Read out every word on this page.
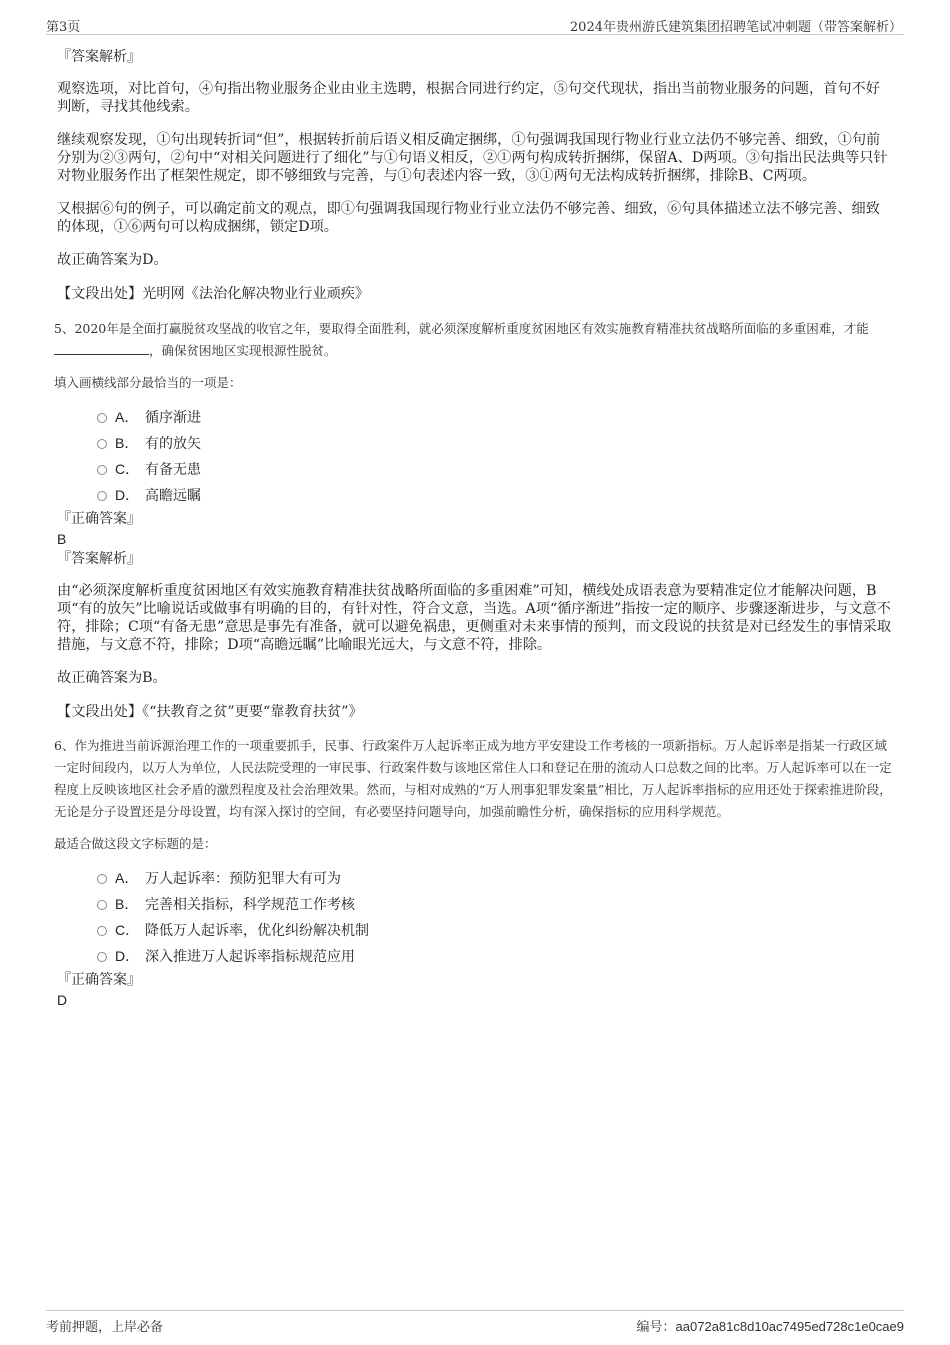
第3页	2024年贵州游氏建筑集团招聘笔试冲刺题（带答案解析）

『答案解析』

观察选项，对比首句，④句指出物业服务企业由业主选聘，根据合同进行约定，⑤句交代现状，指出当前物业服务的问题，首句不好判断，寻找其他线索。

继续观察发现，①句出现转折词“但”，根据转折前后语义相反确定捆绑，①句强调我国现行物业行业立法仍不够完善、细致，①句前分别为②③两句，②句中“对相关问题进行了细化”与①句语义相反，②①两句构成转折捆绑，保留A、D两项。③句指出民法典等只针对物业服务作出了框架性规定，即不够细致与完善，与①句表述内容一致，③①两句无法构成转折捆绑，排除B、C两项。

又根据⑥句的例子，可以确定前文的观点，即①句强调我国现行物业行业立法仍不够完善、细致，⑥句具体描述立法不够完善、细致的体现，①⑥两句可以构成捆绑，锁定D项。

故正确答案为D。

【文段出处】光明网《法治化解决物业行业顽疾》

5、2020年是全面打赢脱贫攻坚战的收官之年，要取得全面胜利，就必须深度解析重度贫困地区有效实施教育精准扶贫战略所面临的多重困难，才能，确保贫困地区实现根源性脱贫。

填入画横线部分最恰当的一项是：

A． 循序渐进
B． 有的放矢
C． 有备无患
D． 高瞻远瞩

『正确答案』

B

『答案解析』

由“必须深度解析重度贫困地区有效实施教育精准扶贫战略所面临的多重困难”可知，横线处成语表意为要精准定位才能解决问题，B项“有的放矢”比喻说话或做事有明确的目的，有针对性，符合文意，当选。A项“循序渐进”指按一定的顺序、步骤逐渐进步，与文意不符，排除；C项“有备无患”意思是事先有准备，就可以避免祸患，更侧重对未来事情的预判，而文段说的扶贫是对已经发生的事情采取措施，与文意不符，排除；D项“高瞻远瞩”比喻眼光远大，与文意不符，排除。

故正确答案为B。

【文段出处】《“扶教育之贫”更要“靠教育扶贫”》

6、作为推进当前诉源治理工作的一项重要抓手，民事、行政案件万人起诉率正成为地方平安建设工作考核的一项新指标。万人起诉率是指某一行政区域一定时间段内，以万人为单位，人民法院受理的一审民事、行政案件数与该地区常住人口和登记在册的流动人口总数之间的比率。万人起诉率可以在一定程度上反映该地区社会矛盾的激烈程度及社会治理效果。然而，与相对成熟的“万人刑事犯罪发案量”相比，万人起诉率指标的应用还处于探索推进阶段，无论是分子设置还是分母设置，均有深入探讨的空间，有必要坚持问题导向，加强前瞻性分析，确保指标的应用科学规范。

最适合做这段文字标题的是：

A． 万人起诉率：预防犯罪大有可为
B． 完善相关指标，科学规范工作考核
C． 降低万人起诉率，优化纠纷解决机制
D． 深入推进万人起诉率指标规范应用

『正确答案』

D

考前押题，上岸必备	编号：aa072a81c8d10ac7495ed728c1e0cae9
